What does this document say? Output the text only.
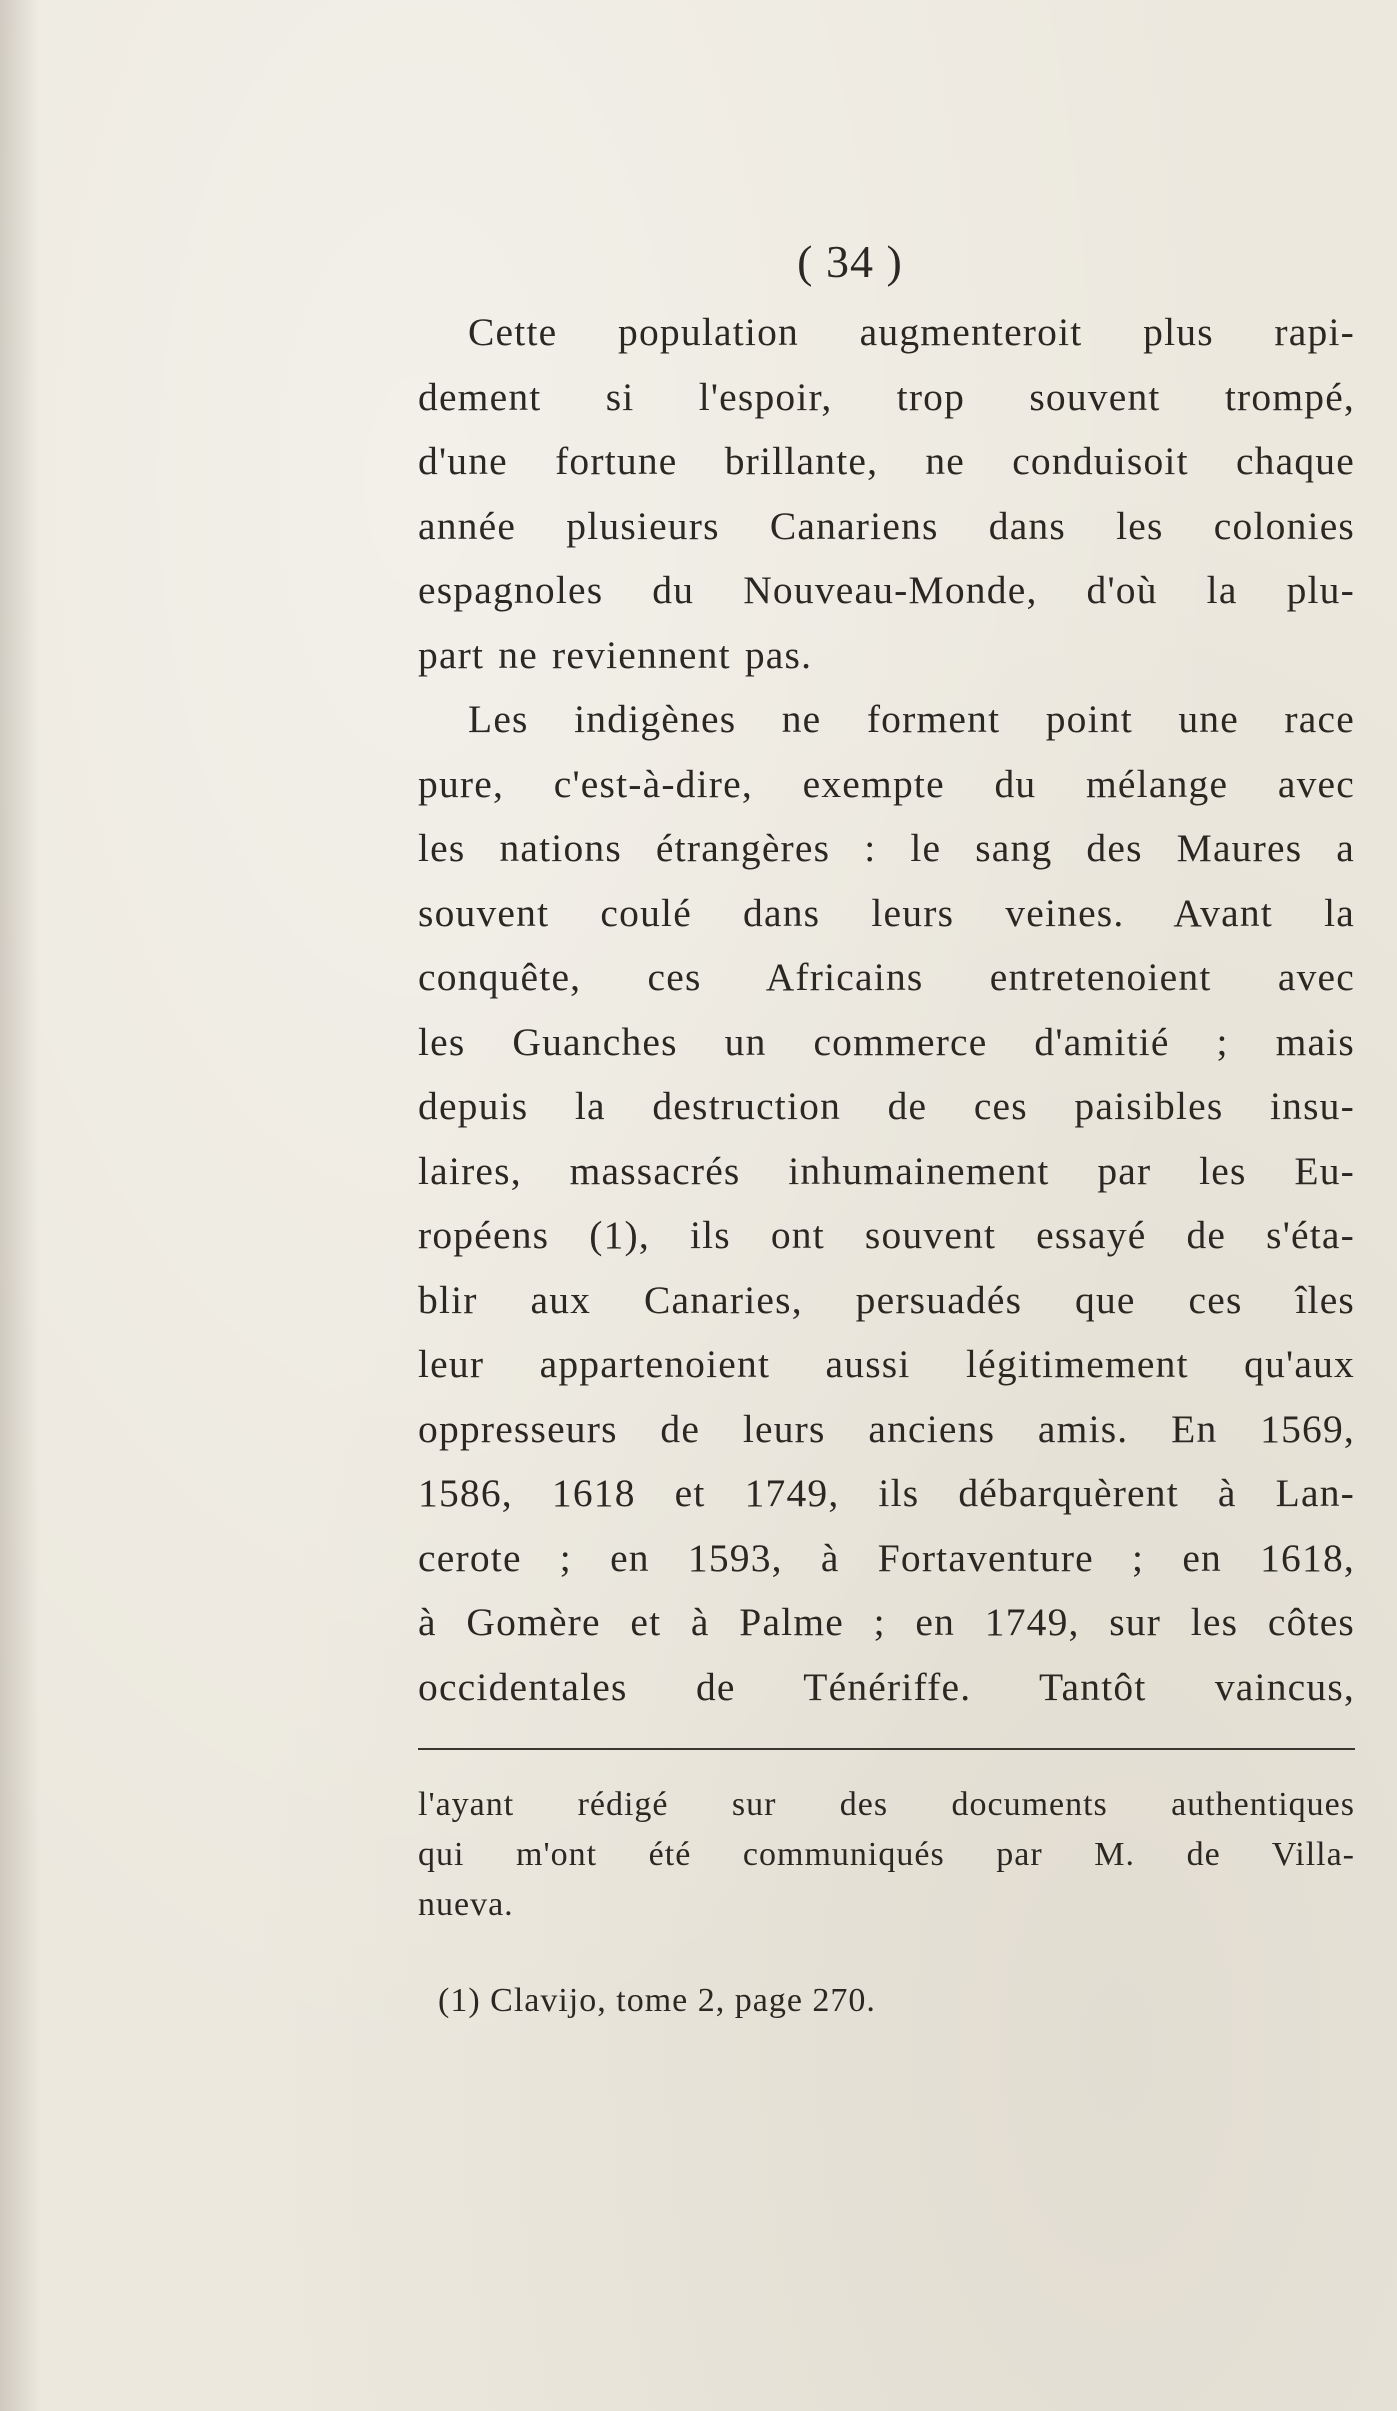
( 34 )
Cette population augmenteroit plus rapi-
dement si l'espoir, trop souvent trompé,
d'une fortune brillante, ne conduisoit chaque
année plusieurs Canariens dans les colonies
espagnoles du Nouveau-Monde, d'où la plu-
part ne reviennent pas.
Les indigènes ne forment point une race
pure, c'est-à-dire, exempte du mélange avec
les nations étrangères : le sang des Maures a
souvent coulé dans leurs veines. Avant la
conquête, ces Africains entretenoient avec
les Guanches un commerce d'amitié ; mais
depuis la destruction de ces paisibles insu-
laires, massacrés inhumainement par les Eu-
ropéens (1), ils ont souvent essayé de s'éta-
blir aux Canaries, persuadés que ces îles
leur appartenoient aussi légitimement qu'aux
oppresseurs de leurs anciens amis. En 1569,
1586, 1618 et 1749, ils débarquèrent à Lan-
cerote ; en 1593, à Fortaventure ; en 1618,
à Gomère et à Palme ; en 1749, sur les côtes
occidentales de Ténériffe. Tantôt vaincus,
l'ayant rédigé sur des documents authentiques
qui m'ont été communiqués par M. de Villa-
nueva.
(1) Clavijo, tome 2, page 270.
